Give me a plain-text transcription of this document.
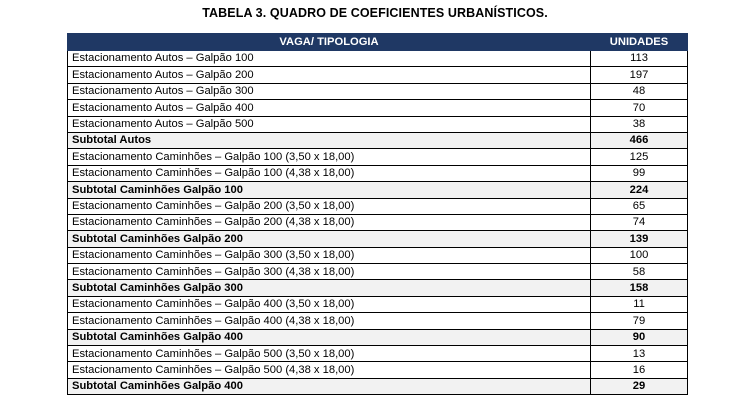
TABELA 3. QUADRO DE COEFICIENTES URBANÍSTICOS.
VAGA/ TIPOLOGIA	UNIDADES
Estacionamento Autos – Galpão 100	113
Estacionamento Autos – Galpão 200	197
Estacionamento Autos – Galpão 300	48
Estacionamento Autos – Galpão 400	70
Estacionamento Autos – Galpão 500	38
Subtotal Autos	466
Estacionamento Caminhões – Galpão 100 (3,50 x 18,00)	125
Estacionamento Caminhões – Galpão 100 (4,38 x 18,00)	99
Subtotal Caminhões Galpão 100	224
Estacionamento Caminhões – Galpão 200 (3,50 x 18,00)	65
Estacionamento Caminhões – Galpão 200 (4,38 x 18,00)	74
Subtotal Caminhões Galpão 200	139
Estacionamento Caminhões – Galpão 300 (3,50 x 18,00)	100
Estacionamento Caminhões – Galpão 300 (4,38 x 18,00)	58
Subtotal Caminhões Galpão 300	158
Estacionamento Caminhões – Galpão 400 (3,50 x 18,00)	11
Estacionamento Caminhões – Galpão 400 (4,38 x 18,00)	79
Subtotal Caminhões Galpão 400	90
Estacionamento Caminhões – Galpão 500 (3,50 x 18,00)	13
Estacionamento Caminhões – Galpão 500 (4,38 x 18,00)	16
Subtotal Caminhões Galpão 400	29
